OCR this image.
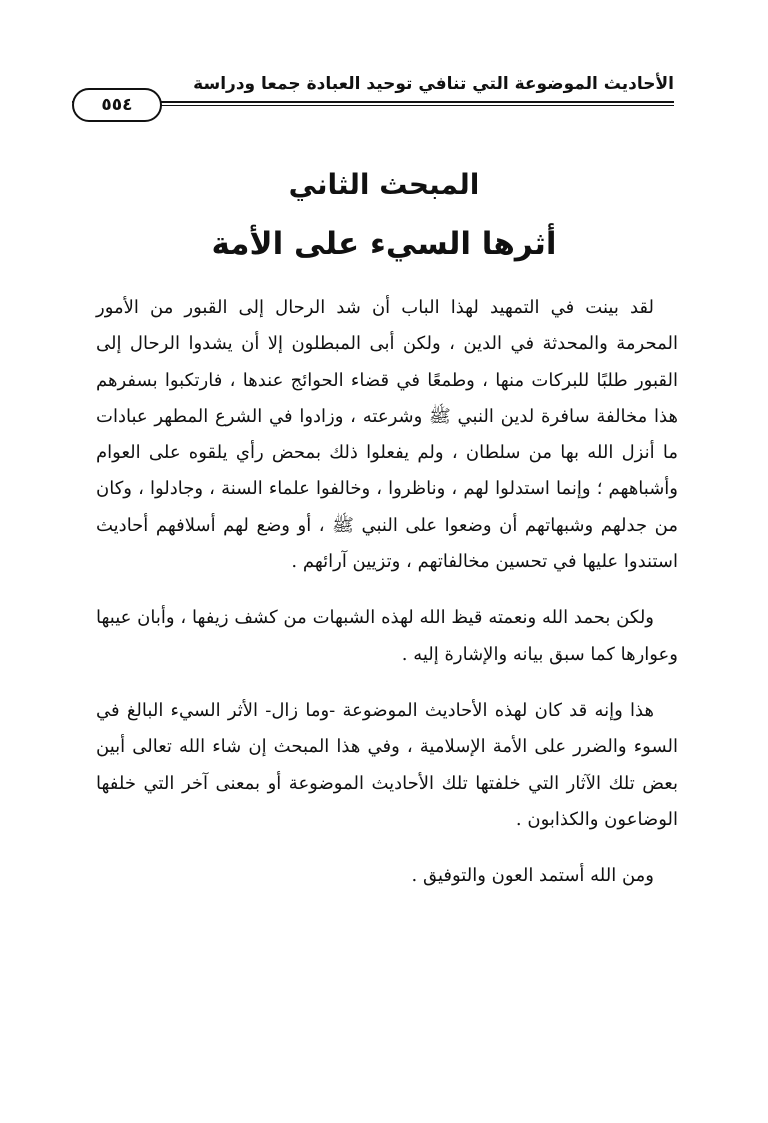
الأحاديث الموضوعة التي تنافي توحيد العبادة جمعا ودراسة
٥٥٤
المبحث الثاني
أثرها السيء على الأمة

لقد بينت في التمهيد لهذا الباب أن شد الرحال إلى القبور من الأمور المحرمة والمحدثة في الدين ، ولكن أبى المبطلون إلا أن يشدوا الرحال إلى القبور طلبًا للبركات منها ، وطمعًا في قضاء الحوائج عندها ، فارتكبوا بسفرهم هذا مخالفة سافرة لدين النبي ﷺ وشرعته ، وزادوا في الشرع المطهر عبادات ما أنزل الله بها من سلطان ، ولم يفعلوا ذلك بمحض رأي يلقوه على العوام وأشباههم ؛ وإنما استدلوا لهم ، وناظروا ، وخالفوا علماء السنة ، وجادلوا ، وكان من جدلهم وشبهاتهم أن وضعوا على النبي ﷺ ، أو وضع لهم أسلافهم أحاديث استندوا عليها في تحسين مخالفاتهم ، وتزيين آرائهم .

ولكن بحمد الله ونعمته قيظ الله لهذه الشبهات من كشف زيفها ، وأبان عيبها وعوارها كما سبق بيانه والإشارة إليه .

هذا وإنه قد كان لهذه الأحاديث الموضوعة -وما زال- الأثر السيء البالغ في السوء والضرر على الأمة الإسلامية ، وفي هذا المبحث إن شاء الله تعالى أبين بعض تلك الآثار التي خلفتها تلك الأحاديث الموضوعة أو بمعنى آخر التي خلفها الوضاعون والكذابون .

ومن الله أستمد العون والتوفيق .
